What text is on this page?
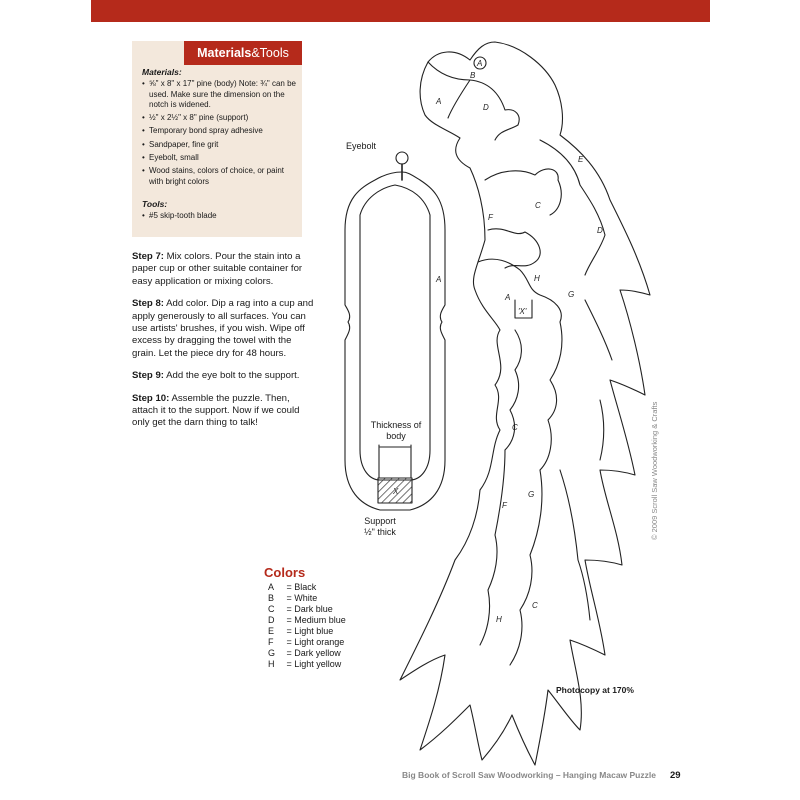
Materials &Tools
Materials:
• ⅝" x 8" x 17" pine (body) Note: ¾" can be used. Make sure the dimension on the notch is widened.
• ½" x 2½" x 8" pine (support)
• Temporary bond spray adhesive
• Sandpaper, fine grit
• Eyebolt, small
• Wood stains, colors of choice, or paint with bright colors
Tools:
• #5 skip-tooth blade
Step 7: Mix colors. Pour the stain into a paper cup or other suitable container for easy application or mixing colors.
Step 8: Add color. Dip a rag into a cup and apply generously to all surfaces. You can use artists' brushes, if you wish. Wipe off excess by dragging the towel with the grain. Let the piece dry for 48 hours.
Step 9: Add the eye bolt to the support.
Step 10: Assemble the puzzle. Then, attach it to the support. Now if we could only get the darn thing to talk!
Colors
A	= Black
B	= White
C	= Dark blue
D	= Medium blue
E	= Light blue
F	= Light orange
G = Dark yellow
H	= Light yellow
A
A
B
D
E
C
F
D
H
A	G
'X'
C
F
G
H
C
A
X
Eyebolt
Thickness of body
Support ½" thick
Photocopy at 170%
© 2009 Scroll Saw Woodworking & Crafts
Big Book of Scroll Saw Woodworking – Hanging Macaw Puzzle 29
